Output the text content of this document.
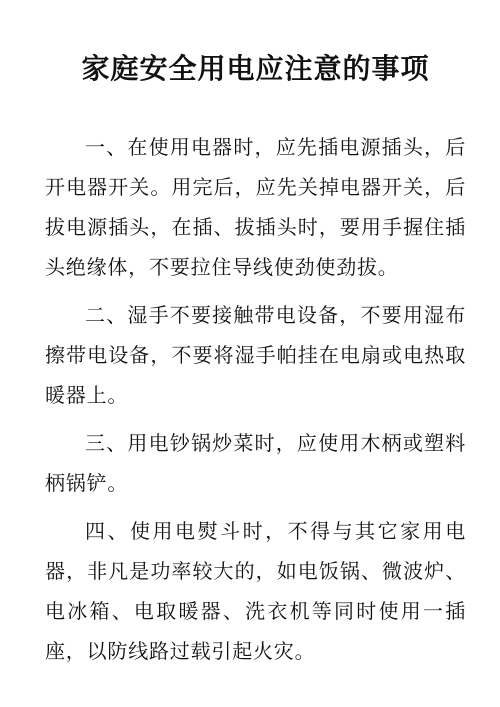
家庭安全用电应注意的事项

一、在使用电器时，应先插电源插头，后开电器开关。用完后，应先关掉电器开关，后拔电源插头，在插、拔插头时，要用手握住插头绝缘体，不要拉住导线使劲使劲拔。

二、湿手不要接触带电设备，不要用湿布擦带电设备，不要将湿手帕挂在电扇或电热取暖器上。

三、用电钞锅炒菜时，应使用木柄或塑料柄锅铲。

四、使用电熨斗时，不得与其它家用电器，非凡是功率较大的，如电饭锅、微波炉、电冰箱、电取暖器、洗衣机等同时使用一插座，以防线路过载引起火灾。
